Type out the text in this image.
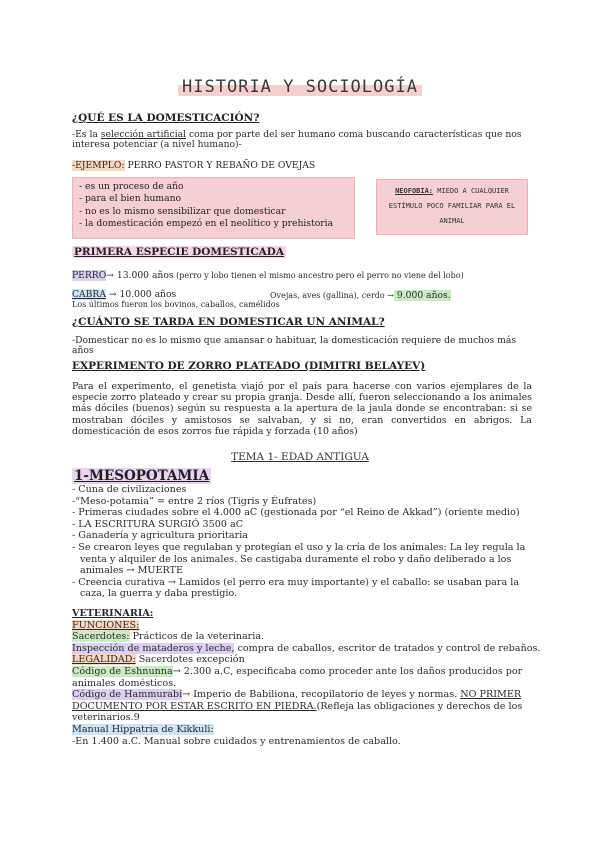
HISTORIA Y SOCIOLOGÍA
¿QUÉ ES LA DOMESTICACIÓN?
-Es la selección artificial coma por parte del ser humano coma buscando características que nos interesa potenciar (a nivel humano)-
-EJEMPLO: PERRO PASTOR Y REBAÑO DE OVEJAS
- es un proceso de año
- para el bien humano
- no es lo mismo sensibilizar que domesticar
- la domesticación empezó en el neolítico y prehistoria
NEOFOBIA: MIEDO A CUALQUIER ESTÍMULO POCO FAMILIAR PARA EL ANIMAL
PRIMERA ESPECIE DOMESTICADA
PERRO→ 13.000 años (perro y lobo tienen el mismo ancestro pero el perro no viene del lobo)
CABRA → 10.000 años	Ovejas, aves (gallina), cerdo → 9.000 años.
Los últimos fueron los bovinos, caballos, camélidos
¿CUÁNTO SE TARDA EN DOMESTICAR UN ANIMAL?
-Domesticar no es lo mismo que amansar o habituar, la domesticación requiere de muchos más años
EXPERIMENTO DE ZORRO PLATEADO (DIMITRI BELAYEV)
Para el experimento, el genetista viajó por el país para hacerse con varios ejemplares de la especie zorro plateado y crear su propia granja. Desde allí, fueron seleccionando a los animales más dóciles (buenos) según su respuesta a la apertura de la jaula donde se encontraban: si se mostraban dóciles y amistosos se salvaban, y si no, eran convertidos en abrigos. La domesticación de esos zorros fue rápida y forzada (10 años)
TEMA 1- EDAD ANTIGUA
1-MESOPOTAMIA
- Cuna de civilizaciones
-“Meso-potamia” = entre 2 ríos (Tigris y Éufrates)
- Primeras ciudades sobre el 4.000 aC (gestionada por “el Reino de Akkad”) (oriente medio)
- LA ESCRITURA SURGIÓ 3500 aC
- Ganadería y agricultura prioritaria
- Se crearon leyes que regulaban y protegían el uso y la cría de los animales: La ley regula la
venta y alquiler de los animales. Se castigaba duramente el robo y daño deliberado a los
animales → MUERTE
- Creencia curativa → Lamidos (el perro era muy importante) y el caballo: se usaban para la
caza, la guerra y daba prestigio.
VETERINARIA:
FUNCIONES:
Sacerdotes: Prácticos de la veterinaria.
Inspección de mataderos y leche, compra de caballos, escritor de tratados y control de rebaños.
LEGALIDAD: Sacerdotes excepción
Código de Eshnunna→ 2.300 a.C, especificaba como proceder ante los daños producidos por animales domésticos.
Código de Hammurabi→ Imperio de Babiliona, recopilatorio de leyes y normas. NO PRIMER DOCUMENTO POR ESTAR ESCRITO EN PIEDRA.(Refleja las obligaciones y derechos de los veterinarios.9
Manual Hippatria de Kikkuli:
-En 1.400 a.C. Manual sobre cuidados y entrenamientos de caballo.
